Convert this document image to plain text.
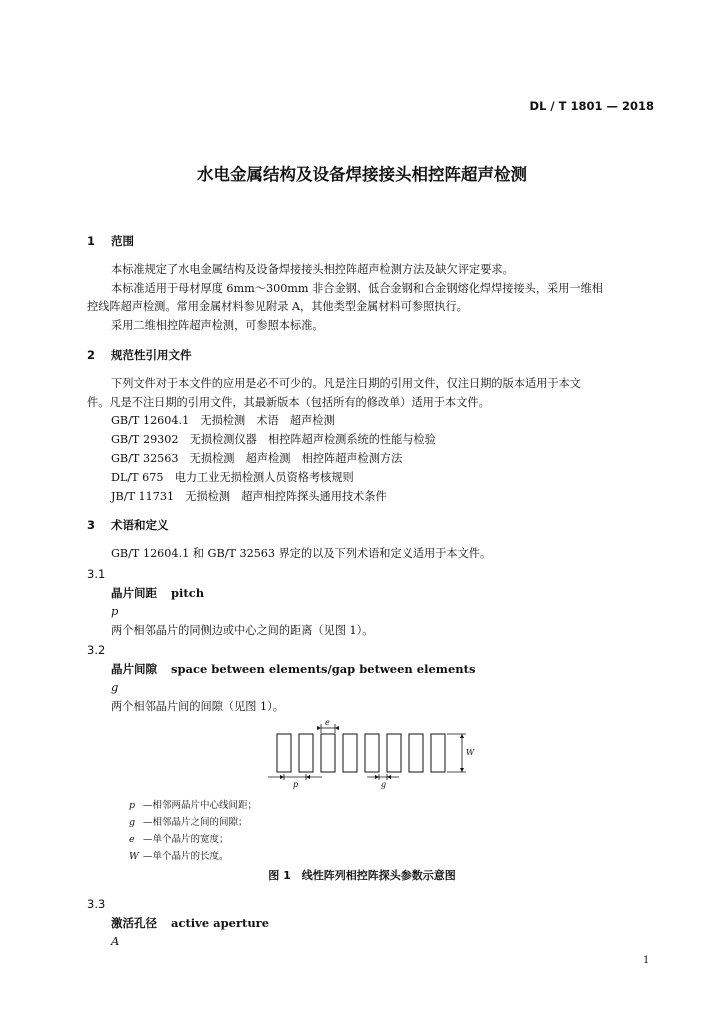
DL / T 1801 — 2018
水电金属结构及设备焊接接头相控阵超声检测
1 范围
本标准规定了水电金属结构及设备焊接接头相控阵超声检测方法及缺欠评定要求。
本标准适用于母材厚度 6mm～300mm 非合金钢、低合金钢和合金钢熔化焊焊接接头，采用一维相
控线阵超声检测。常用金属材料参见附录 A，其他类型金属材料可参照执行。
采用二维相控阵超声检测，可参照本标准。
2 规范性引用文件
下列文件对于本文件的应用是必不可少的。凡是注日期的引用文件，仅注日期的版本适用于本文
件。凡是不注日期的引用文件，其最新版本（包括所有的修改单）适用于本文件。
GB/T 12604.1　无损检测　术语　超声检测
GB/T 29302　无损检测仪器　相控阵超声检测系统的性能与检验
GB/T 32563　无损检测　超声检测　相控阵超声检测方法
DL/T 675　电力工业无损检测人员资格考核规则
JB/T 11731　无损检测　超声相控阵探头通用技术条件
3 术语和定义
GB/T 12604.1 和 GB/T 32563 界定的以及下列术语和定义适用于本文件。
3.1
晶片间距 pitch
p
两个相邻晶片的同侧边或中心之间的距离（见图 1）。
3.2
晶片间隙 space between elements/gap between elements
g
两个相邻晶片间的间隙（见图 1）。
e
W
p	g
p —相邻两晶片中心线间距；
g —相邻晶片之间的间隙；
e —单个晶片的宽度；
W —单个晶片的长度。
图 1　线性阵列相控阵探头参数示意图
3.3
激活孔径 active aperture
A
1
